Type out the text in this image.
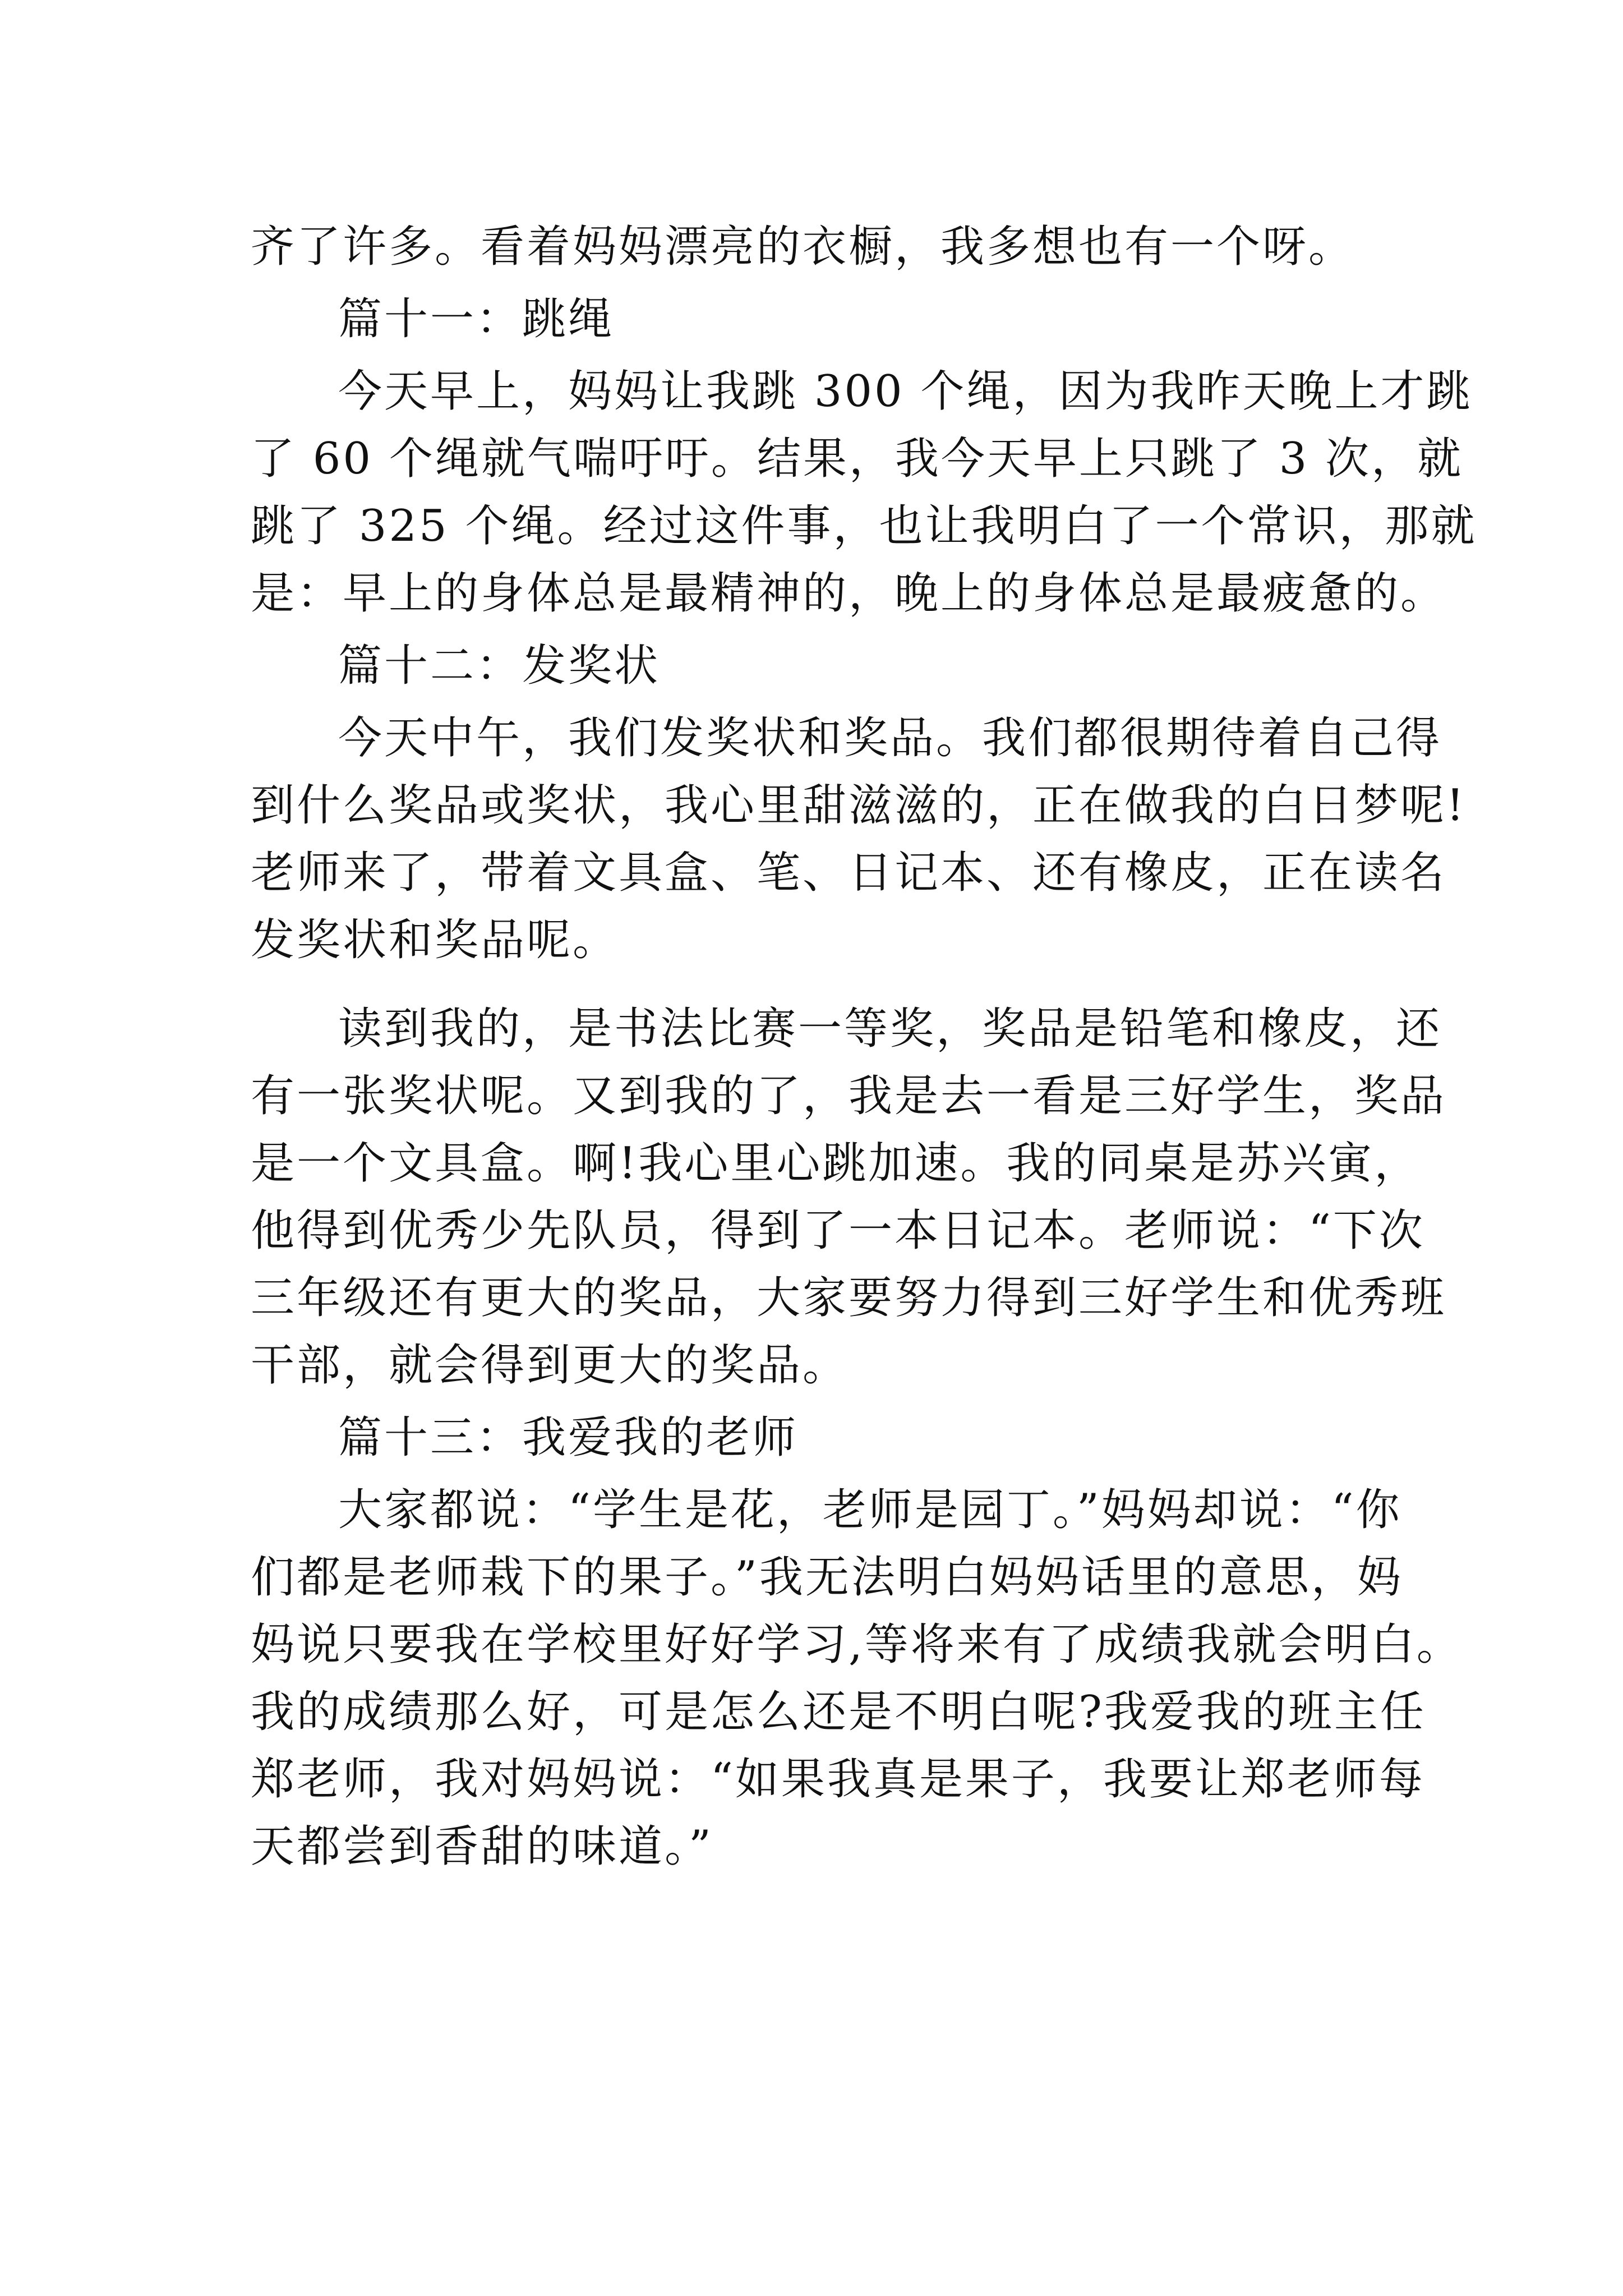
齐了许多。看着妈妈漂亮的衣橱，我多想也有一个呀。
篇十一：跳绳
今天早上，妈妈让我跳 300 个绳，因为我昨天晚上才跳
了 60 个绳就气喘吁吁。结果，我今天早上只跳了 3 次，就
跳了 325 个绳。经过这件事，也让我明白了一个常识，那就
是：早上的身体总是最精神的，晚上的身体总是最疲惫的。
篇十二：发奖状
今天中午，我们发奖状和奖品。我们都很期待着自己得
到什么奖品或奖状，我心里甜滋滋的，正在做我的白日梦呢!
老师来了，带着文具盒、笔、日记本、还有橡皮，正在读名
发奖状和奖品呢。
读到我的，是书法比赛一等奖，奖品是铅笔和橡皮，还
有一张奖状呢。又到我的了，我是去一看是三好学生，奖品
是一个文具盒。啊!我心里心跳加速。我的同桌是苏兴寅，
他得到优秀少先队员，得到了一本日记本。老师说：“下次
三年级还有更大的奖品，大家要努力得到三好学生和优秀班
干部，就会得到更大的奖品。
篇十三：我爱我的老师
大家都说：“学生是花，老师是园丁。”妈妈却说：“你
们都是老师栽下的果子。”我无法明白妈妈话里的意思，妈
妈说只要我在学校里好好学习,等将来有了成绩我就会明白。
我的成绩那么好，可是怎么还是不明白呢?我爱我的班主任
郑老师，我对妈妈说：“如果我真是果子，我要让郑老师每
天都尝到香甜的味道。”
